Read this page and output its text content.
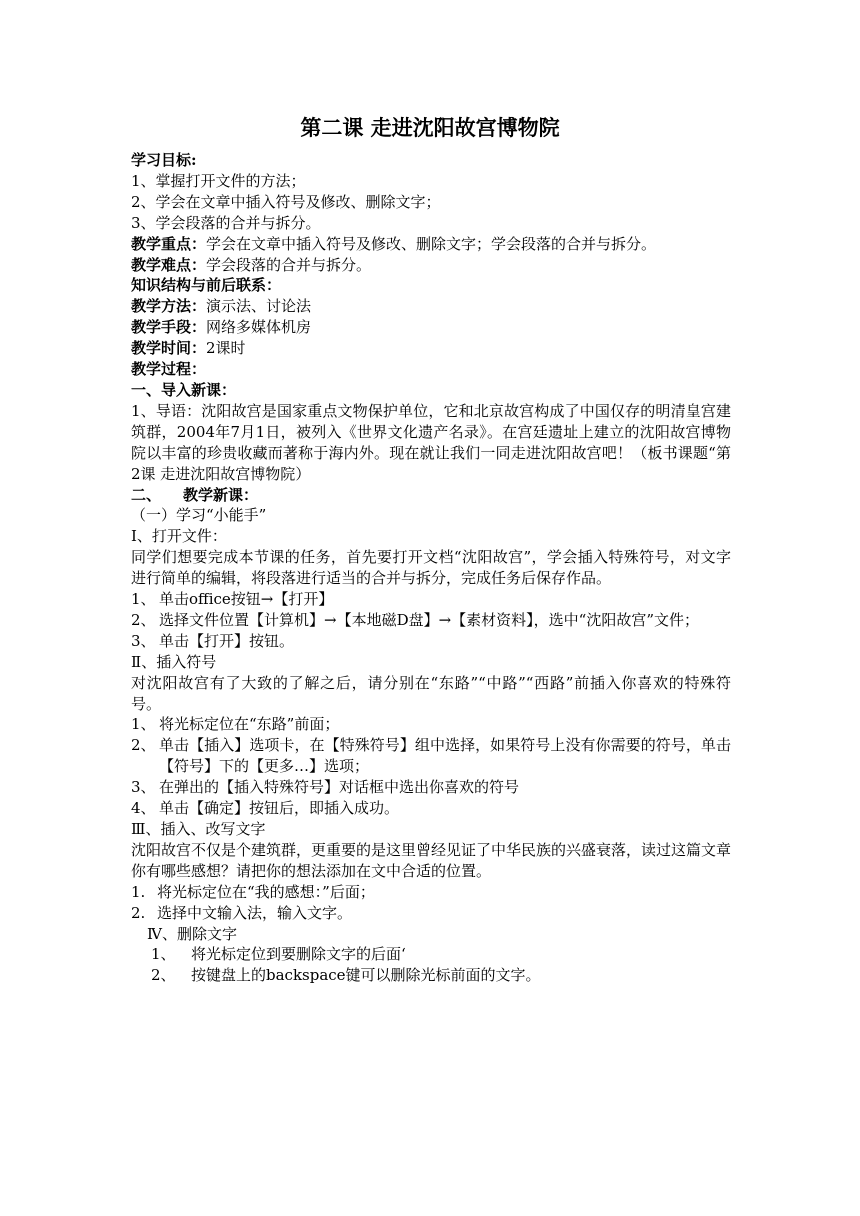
第二课 走进沈阳故宫博物院
学习目标:
1、掌握打开文件的方法；
2、学会在文章中插入符号及修改、删除文字；
3、学会段落的合并与拆分。
教学重点：学会在文章中插入符号及修改、删除文字；学会段落的合并与拆分。
教学难点：学会段落的合并与拆分。
知识结构与前后联系：
教学方法：演示法、讨论法
教学手段：网络多媒体机房
教学时间：2课时
教学过程：
一、导入新课：
1、导语：沈阳故宫是国家重点文物保护单位，它和北京故宫构成了中国仅存的明清皇宫建筑群，2004年7月1日，被列入《世界文化遗产名录》。在宫廷遗址上建立的沈阳故宫博物院以丰富的珍贵收藏而著称于海内外。现在就让我们一同走进沈阳故宫吧！（板书课题“第2课 走进沈阳故宫博物院）
二、 教学新课：
（一）学习“小能手”
Ⅰ、打开文件：
同学们想要完成本节课的任务，首先要打开文档“沈阳故宫”，学会插入特殊符号，对文字进行简单的编辑，将段落进行适当的合并与拆分，完成任务后保存作品。
1、 单击office按钮→【打开】
2、 选择文件位置【计算机】→【本地磁D盘】→【素材资料】，选中“沈阳故宫”文件；
3、 单击【打开】按钮。
Ⅱ、插入符号
对沈阳故宫有了大致的了解之后，请分别在“东路”“中路”“西路”前插入你喜欢的特殊符号。
1、 将光标定位在“东路”前面；
2、 单击【插入】选项卡，在【特殊符号】组中选择，如果符号上没有你需要的符号，单击【符号】下的【更多…】选项；
3、 在弹出的【插入特殊符号】对话框中选出你喜欢的符号
4、 单击【确定】按钮后，即插入成功。
Ⅲ、插入、改写文字
沈阳故宫不仅是个建筑群，更重要的是这里曾经见证了中华民族的兴盛衰落，读过这篇文章你有哪些感想？请把你的想法添加在文中合适的位置。
1. 将光标定位在“我的感想：”后面；
2. 选择中文输入法，输入文字。
Ⅳ、删除文字
1、	将光标定位到要删除文字的后面‘
2、	按键盘上的backspace键可以删除光标前面的文字。
